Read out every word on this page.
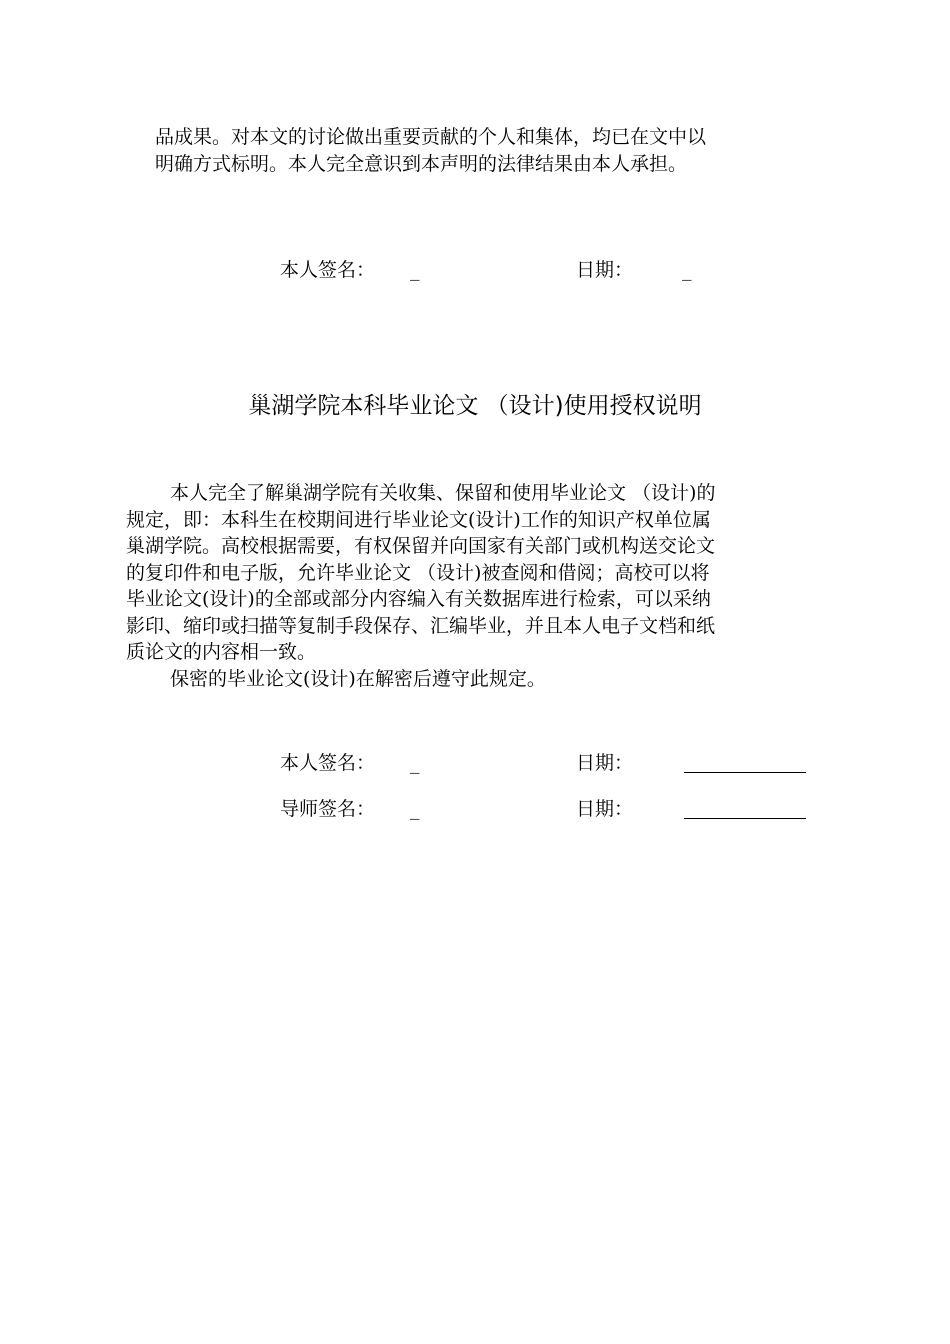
品成果。对本文的讨论做出重要贡献的个人和集体，均已在文中以
明确方式标明。本人完全意识到本声明的法律结果由本人承担。
本人签名： _	日期：	_
巢湖学院本科毕业论文 （设计)使用授权说明
本人完全了解巢湖学院有关收集、保留和使用毕业论文 （设计)的
规定，即：本科生在校期间进行毕业论文(设计)工作的知识产权单位属
巢湖学院。高校根据需要，有权保留并向国家有关部门或机构送交论文
的复印件和电子版，允许毕业论文 （设计)被查阅和借阅；高校可以将
毕业论文(设计)的全部或部分内容编入有关数据库进行检索，可以采纳
影印、缩印或扫描等复制手段保存、汇编毕业，并且本人电子文档和纸
质论文的内容相一致。
保密的毕业论文(设计)在解密后遵守此规定。
本人签名： _	日期：
导师签名： _	日期：
